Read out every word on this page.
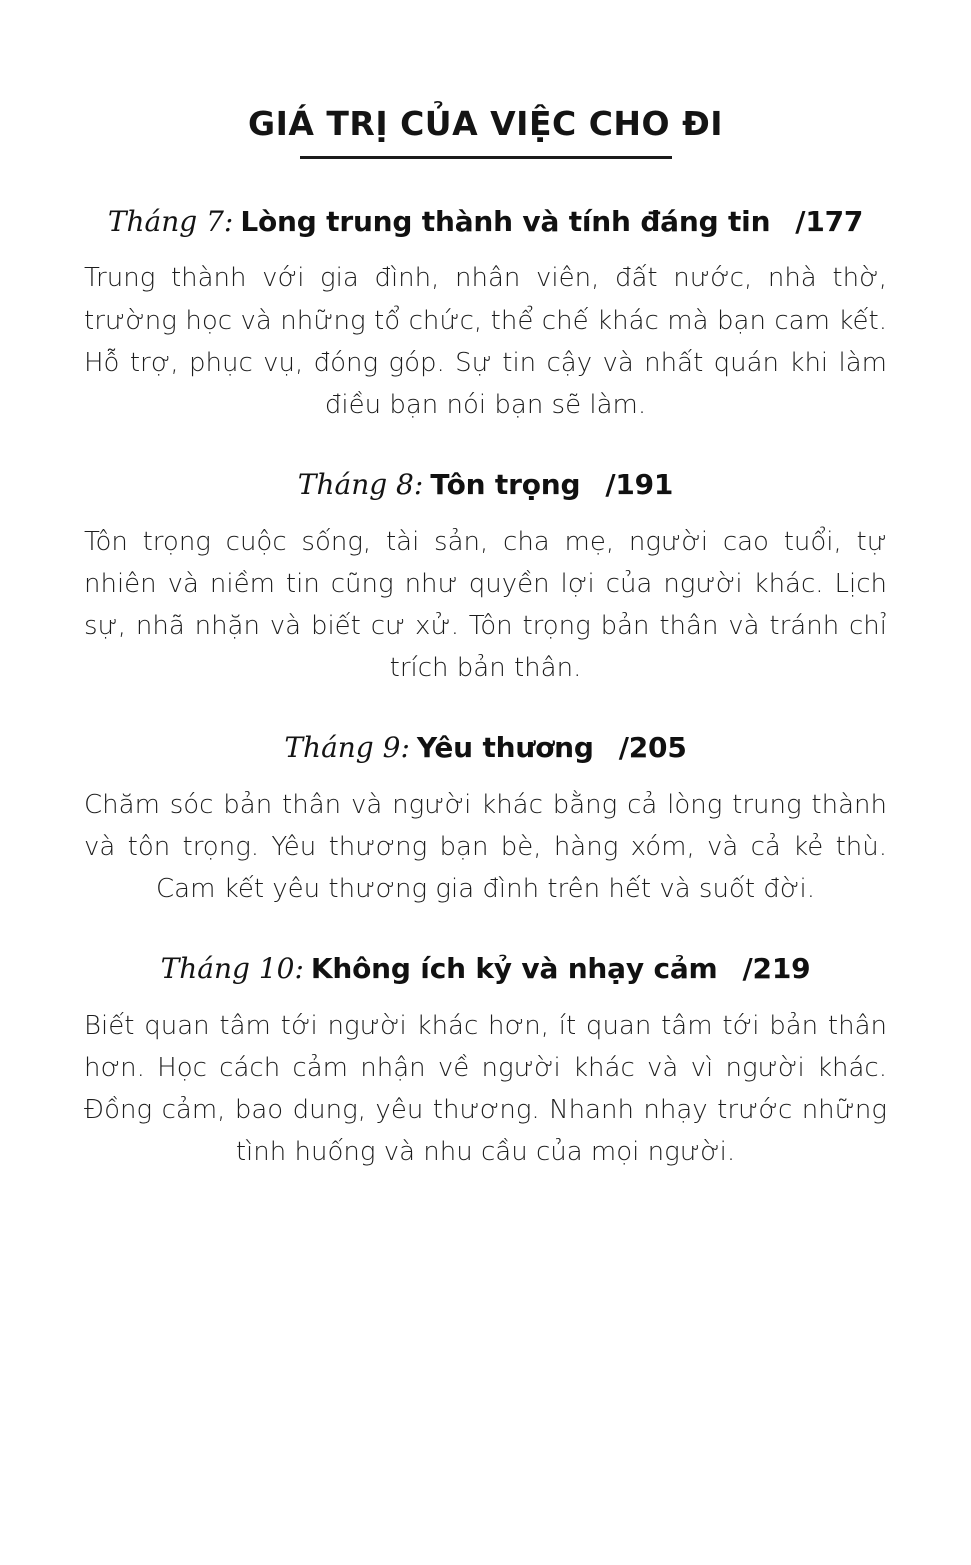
GIÁ TRỊ CỦA VIỆC CHO ĐI
Tháng 7: Lòng trung thành và tính đáng tin /177

Trung thành với gia đình, nhân viên, đất nước, nhà thờ, trường học và những tổ chức, thể chế khác mà bạn cam kết. Hỗ trợ, phục vụ, đóng góp. Sự tin cậy và nhất quán khi làm điều bạn nói bạn sẽ làm.

Tháng 8: Tôn trọng /191

Tôn trọng cuộc sống, tài sản, cha mẹ, người cao tuổi, tự nhiên và niềm tin cũng như quyền lợi của người khác. Lịch sự, nhã nhặn và biết cư xử. Tôn trọng bản thân và tránh chỉ trích bản thân.

Tháng 9: Yêu thương /205

Chăm sóc bản thân và người khác bằng cả lòng trung thành và tôn trọng. Yêu thương bạn bè, hàng xóm, và cả kẻ thù. Cam kết yêu thương gia đình trên hết và suốt đời.

Tháng 10: Không ích kỷ và nhạy cảm /219

Biết quan tâm tới người khác hơn, ít quan tâm tới bản thân hơn. Học cách cảm nhận về người khác và vì người khác. Đồng cảm, bao dung, yêu thương. Nhanh nhạy trước những tình huống và nhu cầu của mọi người.
